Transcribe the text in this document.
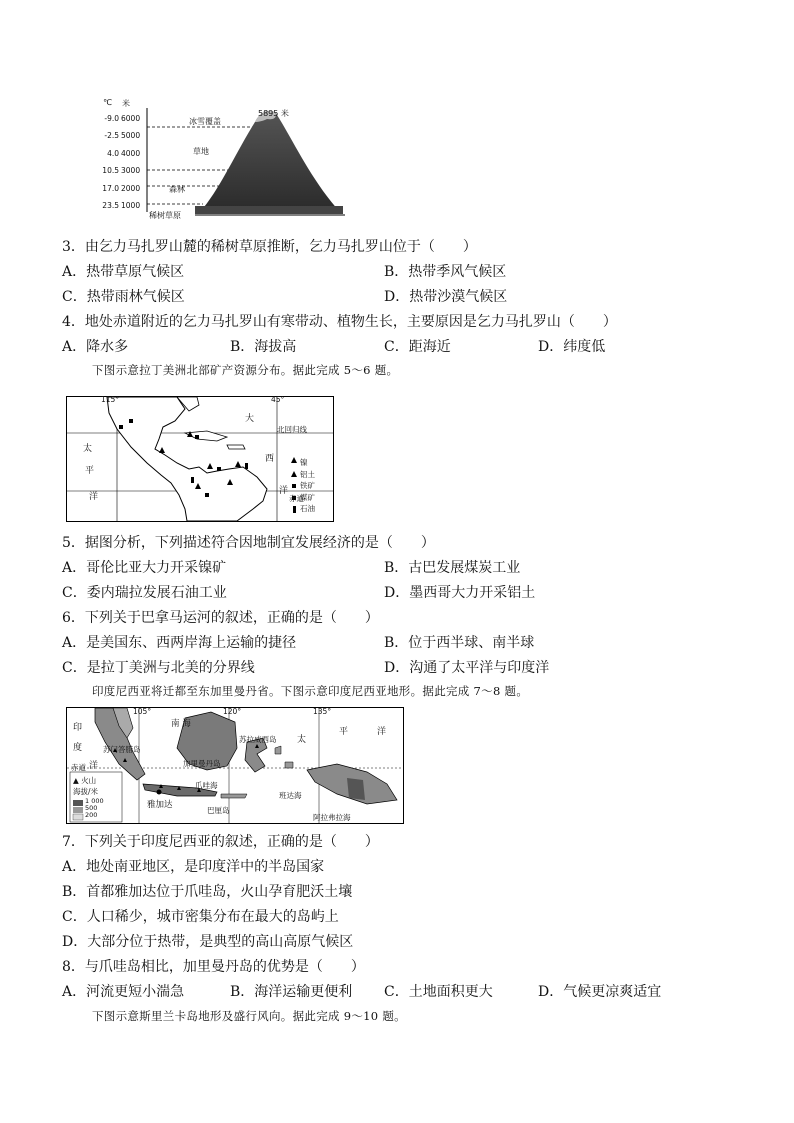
℃ 米
-9.0
-2.5
4.0
10.5
17.0
23.5
6000
5000
4000
3000
2000
1000
5895 米
冰雪覆盖
草地
森林
稀树草原
3．由乞力马扎罗山麓的稀树草原推断，乞力马扎罗山位于（　　）
A．热带草原气候区	B．热带季风气候区
C．热带雨林气候区	D．热带沙漠气候区
4．地处赤道附近的乞力马扎罗山有寒带动、植物生长，主要原因是乞力马扎罗山（　　）
A．降水多	B．海拔高	C．距海近	D．纬度低
下图示意拉丁美洲北部矿产资源分布。据此完成 5～6 题。
115°	45°
大
西
洋
太
平
洋
北回归线
赤道
镍
铝土
铁矿
煤矿
石油
5．据图分析，下列描述符合因地制宜发展经济的是（　　）
A．哥伦比亚大力开采镍矿	B．古巴发展煤炭工业
C．委内瑞拉发展石油工业	D．墨西哥大力开采铝土
6．下列关于巴拿马运河的叙述，正确的是（　　）
A．是美国东、西两岸海上运输的捷径	B．位于西半球、南半球
C．是拉丁美洲与北美的分界线	D．沟通了太平洋与印度洋
印度尼西亚将迁都至东加里曼丹省。下图示意印度尼西亚地形。据此完成 7～8 题。
105°	120°	135°
南 海
太
平	洋
印
度
洋
赤道
爪哇海
班达海
阿拉弗拉海
雅加达
苏拉威西岛
加里曼丹岛
苏门答腊岛
巴厘岛
▲ 火山
海拔/米
1 000
500
200
7．下列关于印度尼西亚的叙述，正确的是（　　）
A．地处南亚地区，是印度洋中的半岛国家
B．首都雅加达位于爪哇岛，火山孕育肥沃土壤
C．人口稀少，城市密集分布在最大的岛屿上
D．大部分位于热带，是典型的高山高原气候区
8．与爪哇岛相比，加里曼丹岛的优势是（　　）
A．河流更短小湍急	B．海洋运输更便利 C．土地面积更大	D．气候更凉爽适宜
下图示意斯里兰卡岛地形及盛行风向。据此完成 9～10 题。
